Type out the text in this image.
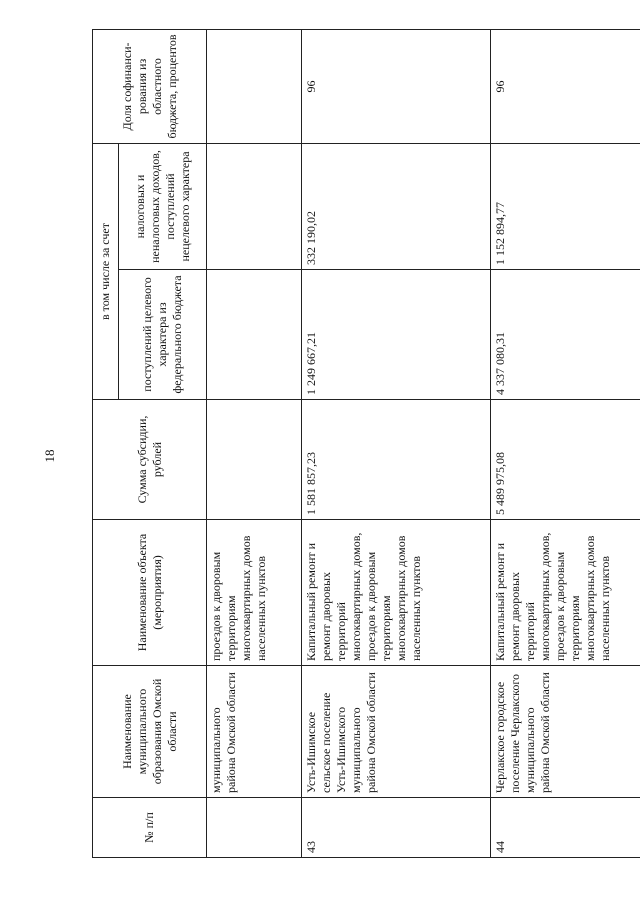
18
№ п/п	Наименование муниципального образования Омской области	Наименование объекта (мероприятия)	Сумма субсидии, рублей	в том числе за счет		Доля софинанси-рования из областного бюджета, процентов
				поступлений целевого характера из федерального бюджета	налоговых и неналоговых доходов, поступлений нецелевого характера	
	муниципального района Омской области	проездов к дворовым территориям многоквартирных домов населенных пунктов				
43	Усть-Ишимское сельское поселение Усть-Ишимского муниципального района Омской области	Капитальный ремонт и ремонт дворовых территорий многоквартирных домов, проездов к дворовым территориям многоквартирных домов населенных пунктов	1 581 857,23	1 249 667,21	332 190,02	96
44	Черлакское городское поселение Черлакского муниципального района Омской области	Капитальный ремонт и ремонт дворовых территорий многоквартирных домов, проездов к дворовым территориям многоквартирных домов населенных пунктов	5 489 975,08	4 337 080,31	1 152 894,77	96
